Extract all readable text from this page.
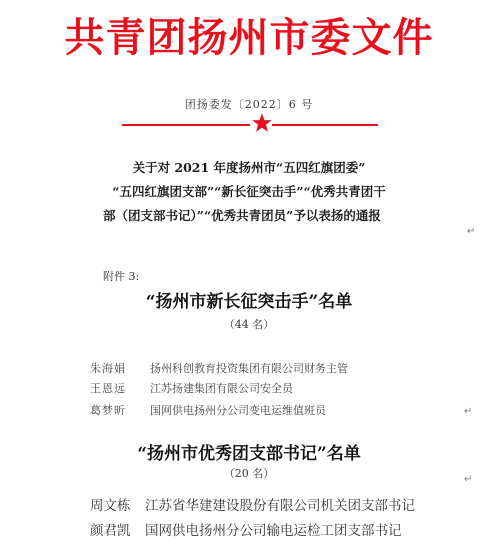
共青团扬州市委文件
团扬委发〔2022〕6 号
关于对 2021 年度扬州市“五四红旗团委”
“五四红旗团支部”“新长征突击手”“优秀共青团干
部（团支部书记）”“优秀共青团员”予以表扬的通报
↵
附件 3:
“扬州市新长征突击手”名单
（44 名）
朱海娟 扬州科创教育投资集团有限公司财务主管
王恩远 江苏扬建集团有限公司安全员
葛梦昕 国网供电扬州分公司变电运维值班员	↵
“扬州市优秀团支部书记”名单
（20 名）
周文栋 江苏省华建建设股份有限公司机关团支部书记
颜君凯 国网供电扬州分公司输电运检工团支部书记
↵
